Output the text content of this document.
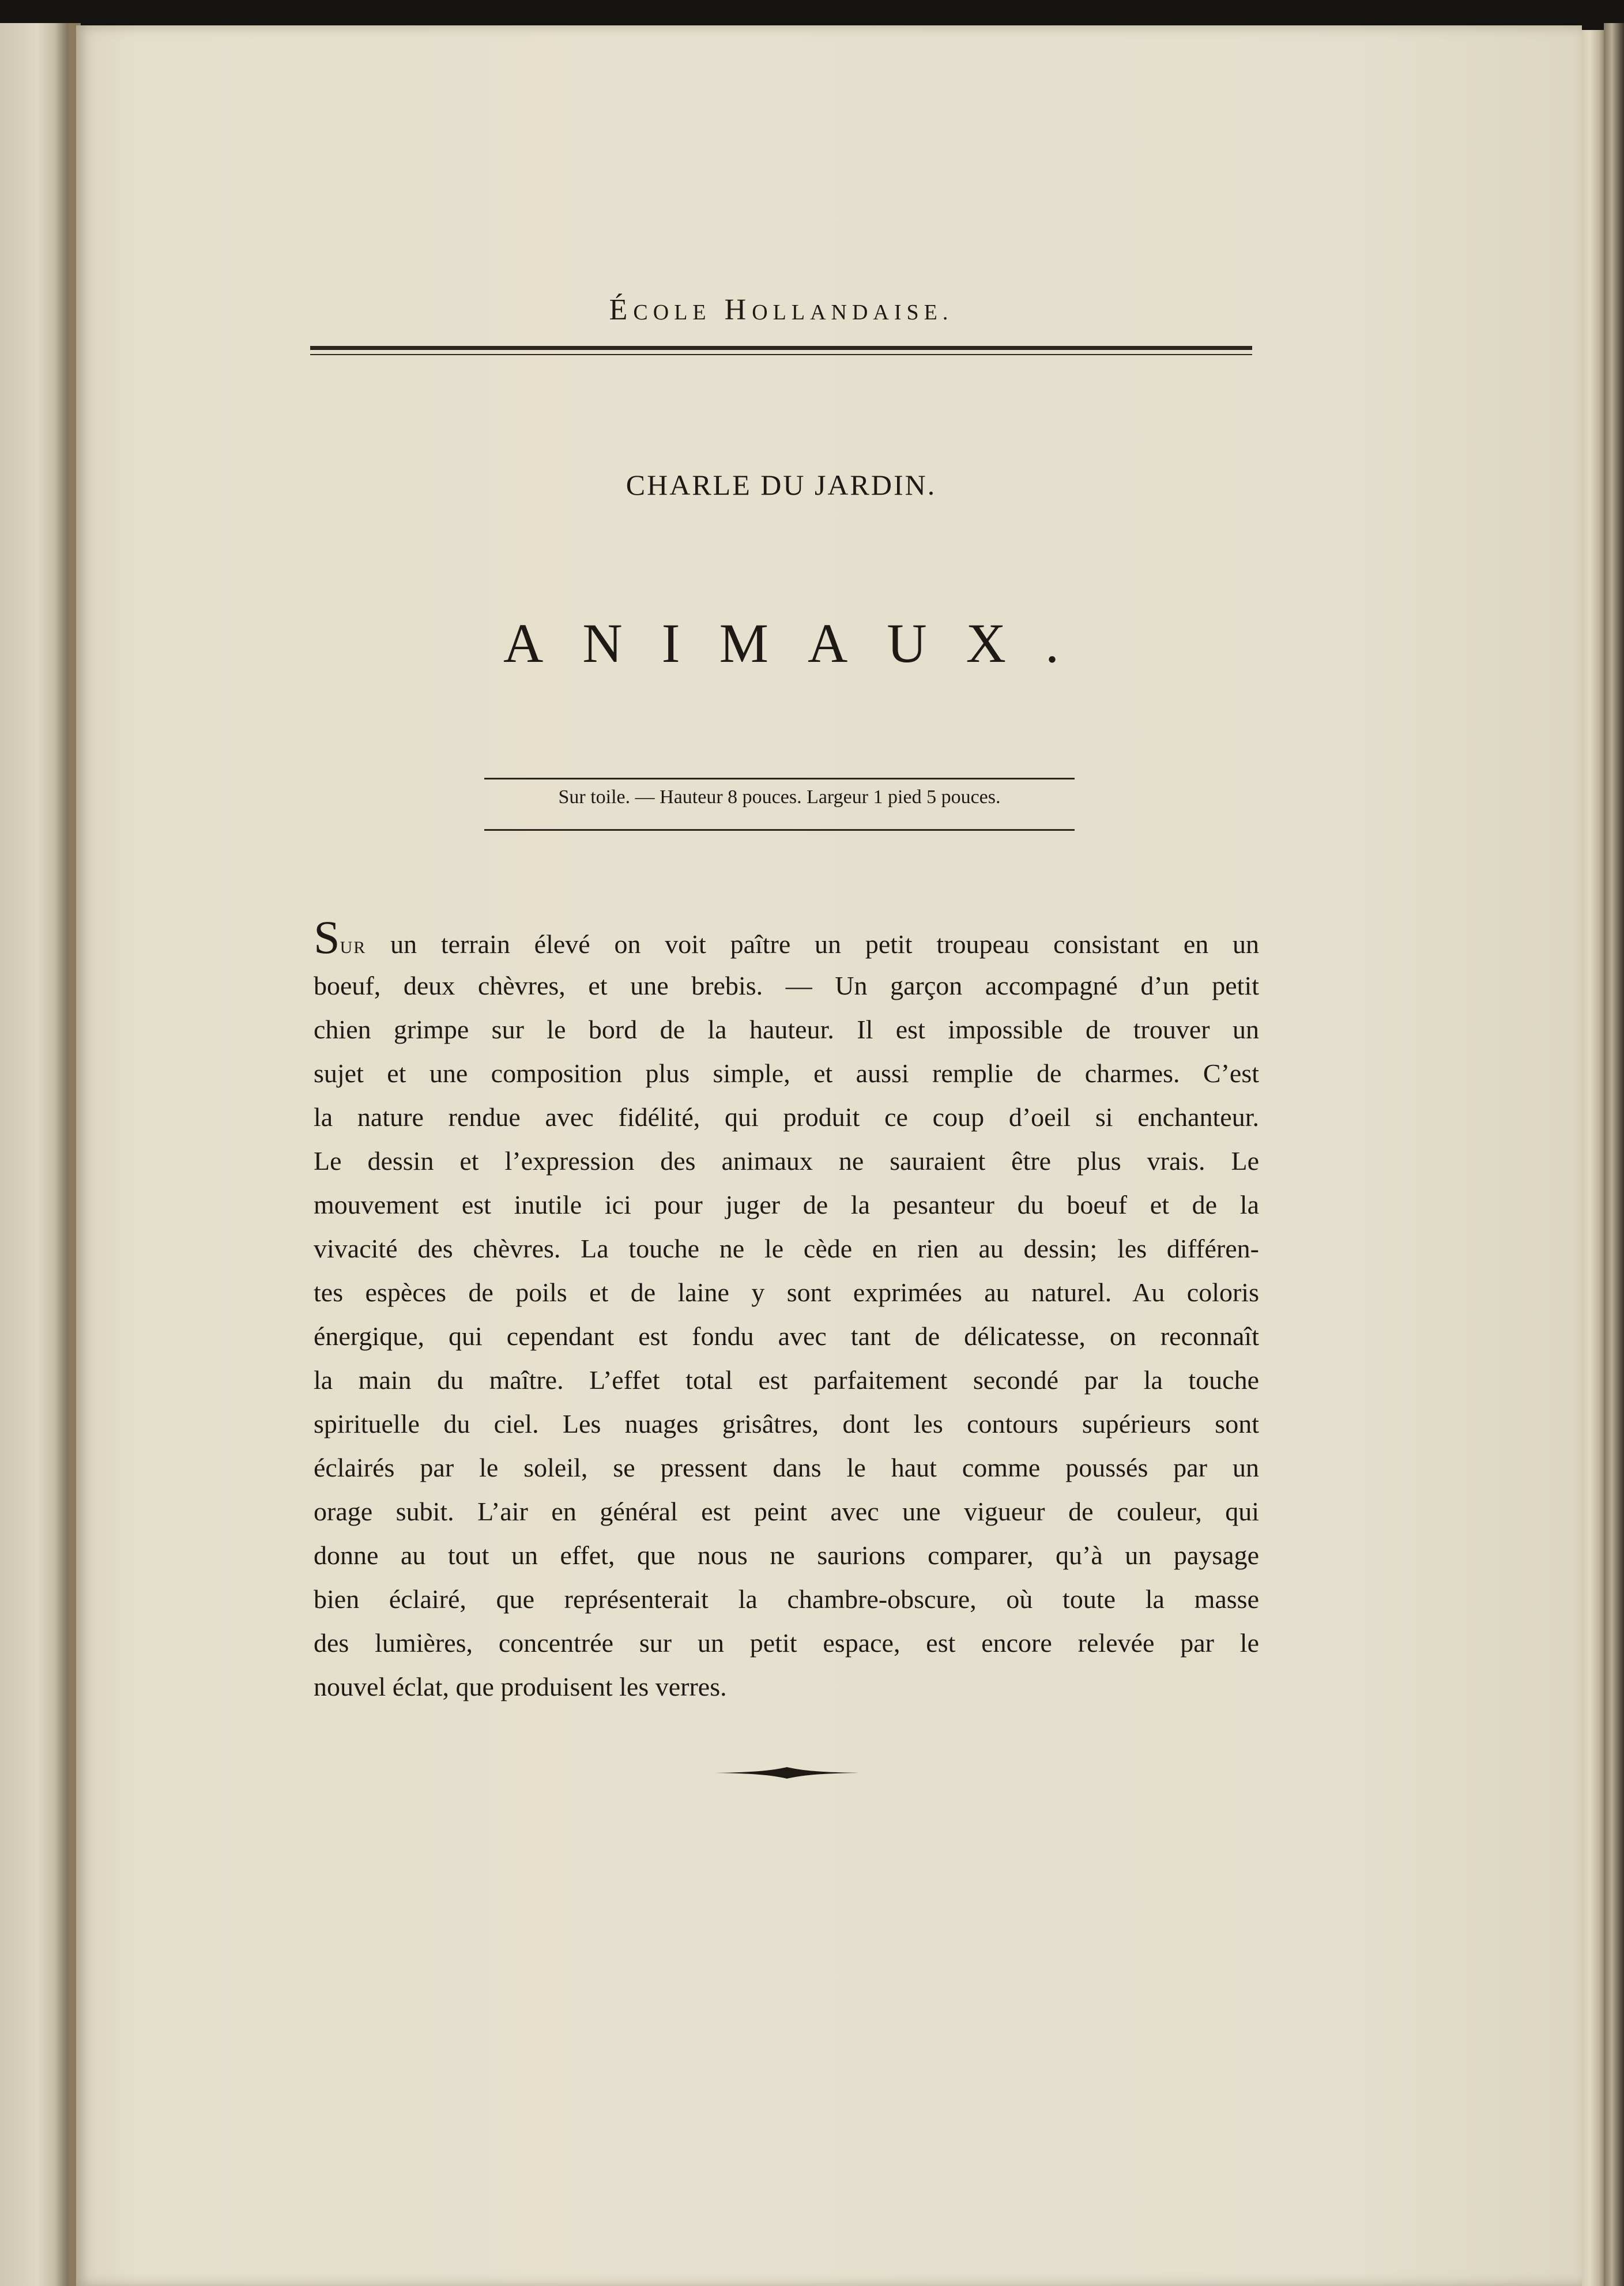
ÉCOLE HOLLANDAISE.
CHARLE DU JARDIN.
ANIMAUX.
Sur toile. — Hauteur 8 pouces. Largeur 1 pied 5 pouces.
SUR un terrain élevé on voit paître un petit troupeau consistant en un
boeuf, deux chèvres, et une brebis. — Un garçon accompagné d’un petit
chien grimpe sur le bord de la hauteur. Il est impossible de trouver un
sujet et une composition plus simple, et aussi remplie de charmes. C’est
la nature rendue avec fidélité, qui produit ce coup d’oeil si enchanteur.
Le dessin et l’expression des animaux ne sauraient être plus vrais. Le
mouvement est inutile ici pour juger de la pesanteur du boeuf et de la
vivacité des chèvres. La touche ne le cède en rien au dessin; les différen-
tes espèces de poils et de laine y sont exprimées au naturel. Au coloris
énergique, qui cependant est fondu avec tant de délicatesse, on reconnaît
la main du maître. L’effet total est parfaitement secondé par la touche
spirituelle du ciel. Les nuages grisâtres, dont les contours supérieurs sont
éclairés par le soleil, se pressent dans le haut comme poussés par un
orage subit. L’air en général est peint avec une vigueur de couleur, qui
donne au tout un effet, que nous ne saurions comparer, qu’à un paysage
bien éclairé, que représenterait la chambre-obscure, où toute la masse
des lumières, concentrée sur un petit espace, est encore relevée par le
nouvel éclat, que produisent les verres.
